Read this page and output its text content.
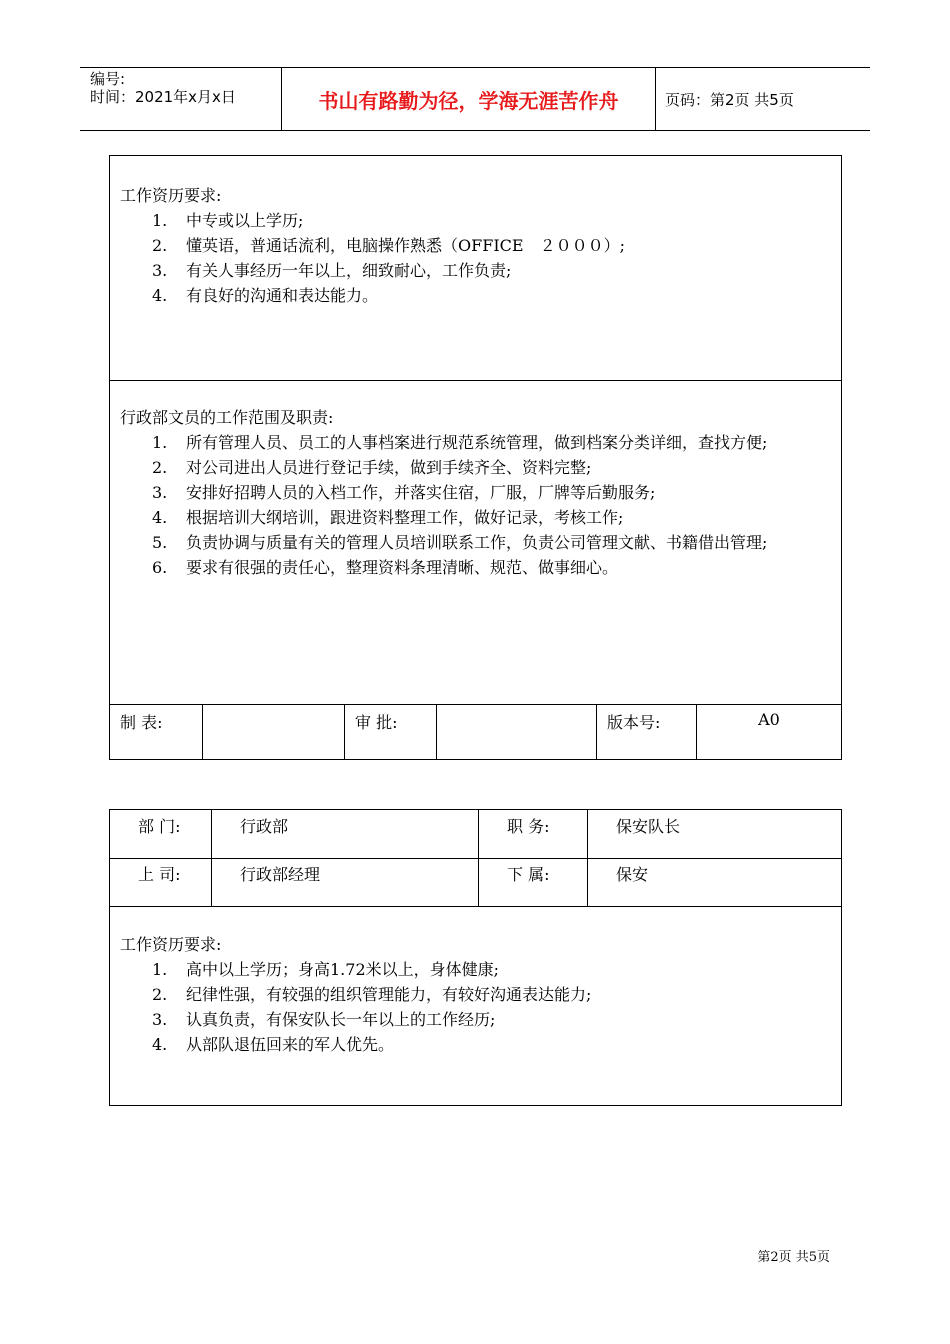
编号:
时间：2021年x月x日	书山有路勤为径，学海无涯苦作舟	页码：第2页 共5页
工作资历要求:
1. 中专或以上学历;
2. 懂英语，普通话流利，电脑操作熟悉（OFFICE　２０００）;
3. 有关人事经历一年以上，细致耐心，工作负责;
4. 有良好的沟通和表达能力。
行政部文员的工作范围及职责:
1. 所有管理人员、员工的人事档案进行规范系统管理，做到档案分类详细，查找方便;
2. 对公司进出人员进行登记手续，做到手续齐全、资料完整;
3. 安排好招聘人员的入档工作，并落实住宿，厂服，厂牌等后勤服务;
4. 根据培训大纲培训，跟进资料整理工作，做好记录，考核工作;
5. 负责协调与质量有关的管理人员培训联系工作，负责公司管理文献、书籍借出管理;
6. 要求有很强的责任心，整理资料条理清晰、规范、做事细心。
制 表:	审 批:	版本号:	A0
部 门:	行政部	职 务:	保安队长
上 司:	行政部经理	下 属:	保安
工作资历要求:
1. 高中以上学历；身高1.72米以上，身体健康;
2. 纪律性强，有较强的组织管理能力，有较好沟通表达能力;
3. 认真负责，有保安队长一年以上的工作经历;
4. 从部队退伍回来的军人优先。
第2页 共5页
